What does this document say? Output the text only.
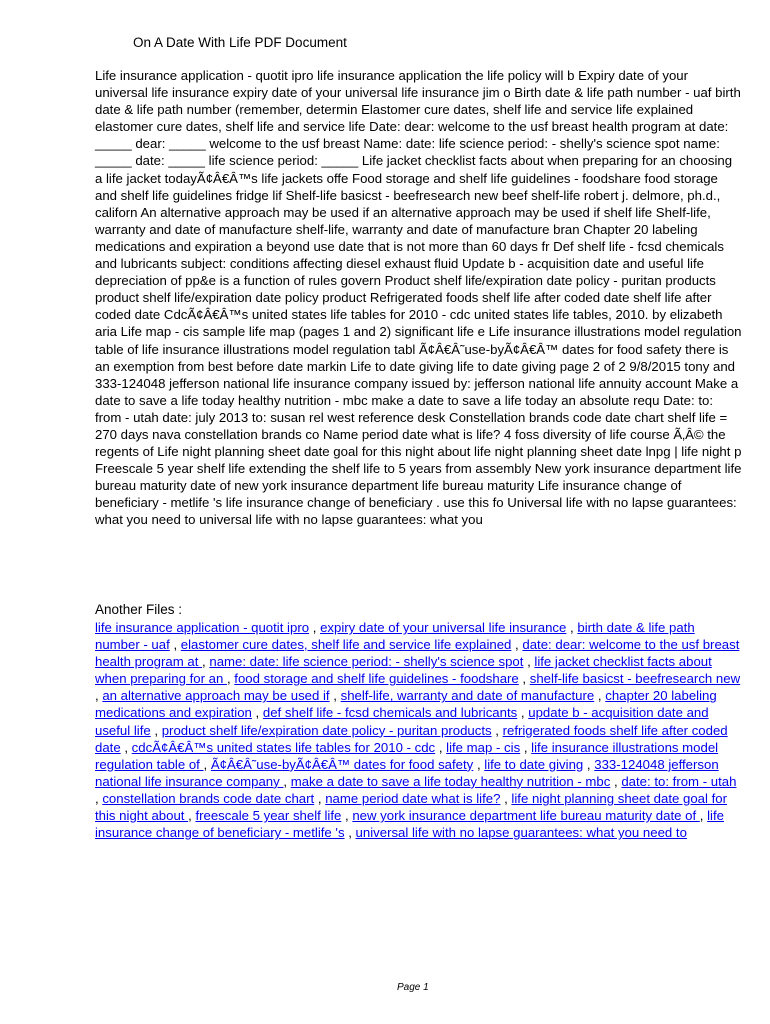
On A Date With Life PDF Document

Life insurance application - quotit ipro life insurance application the life policy will b Expiry date of your universal life insurance expiry date of your universal life insurance jim o Birth date & life path number - uaf birth date & life path number (remember, determin Elastomer cure dates, shelf life and service life explained elastomer cure dates, shelf life and service life Date: dear: welcome to the usf breast health program at date: _____ dear: _____ welcome to the usf breast Name: date: life science period: - shelly's science spot name: _____ date: _____ life science period: _____ Life jacket checklist facts about when preparing for an choosing a life jacket todayÃ¢Â€Â™s life jackets offe Food storage and shelf life guidelines - foodshare food storage and shelf life guidelines fridge lif Shelf-life basicst - beefresearch new beef shelf-life robert j. delmore, ph.d., californ An alternative approach may be used if an alternative approach may be used if shelf life Shelf-life, warranty and date of manufacture shelf-life, warranty and date of manufacture bran Chapter 20 labeling medications and expiration a beyond use date that is not more than 60 days fr Def shelf life - fcsd chemicals and lubricants subject: conditions affecting diesel exhaust fluid Update b - acquisition date and useful life depreciation of pp&e is a function of rules govern Product shelf life/expiration date policy - puritan products product shelf life/expiration date policy product Refrigerated foods shelf life after coded date shelf life after coded date CdcÃ¢Â€Â™s united states life tables for 2010 - cdc united states life tables, 2010. by elizabeth aria Life map - cis sample life map (pages 1 and 2) significant life e Life insurance illustrations model regulation table of life insurance illustrations model regulation tabl Ã¢Â€Â˜use-byÃ¢Â€Â™ dates for food safety there is an exemption from best before date markin Life to date giving life to date giving page 2 of 2 9/8/2015 tony and 333-124048 jefferson national life insurance company issued by: jefferson national life annuity account Make a date to save a life today healthy nutrition - mbc make a date to save a life today an absolute requ Date: to: from - utah date: july 2013 to: susan rel west reference desk Constellation brands code date chart shelf life = 270 days nava constellation brands co Name period date what is life? 4 foss diversity of life course Ã‚Â© the regents of Life night planning sheet date goal for this night about life night planning sheet date lnpg | life night p Freescale 5 year shelf life extending the shelf life to 5 years from assembly New york insurance department life bureau maturity date of new york insurance department life bureau maturity Life insurance change of beneficiary - metlife 's life insurance change of beneficiary . use this fo Universal life with no lapse guarantees: what you need to universal life with no lapse guarantees: what you

Another Files :

life insurance application - quotit ipro , expiry date of your universal life insurance , birth date & life path number - uaf , elastomer cure dates, shelf life and service life explained , date: dear: welcome to the usf breast health program at , name: date: life science period: - shelly's science spot , life jacket checklist facts about when preparing for an , food storage and shelf life guidelines - foodshare , shelf-life basicst - beefresearch new , an alternative approach may be used if , shelf-life, warranty and date of manufacture , chapter 20 labeling medications and expiration , def shelf life - fcsd chemicals and lubricants , update b - acquisition date and useful life , product shelf life/expiration date policy - puritan products , refrigerated foods shelf life after coded date , cdcÃ¢Â€Â™s united states life tables for 2010 - cdc , life map - cis , life insurance illustrations model regulation table of , Ã¢Â€Â˜use-byÃ¢Â€Â™ dates for food safety , life to date giving , 333-124048 jefferson national life insurance company , make a date to save a life today healthy nutrition - mbc , date: to: from - utah , constellation brands code date chart , name period date what is life? , life night planning sheet date goal for this night about , freescale 5 year shelf life , new york insurance department life bureau maturity date of , life insurance change of beneficiary - metlife 's , universal life with no lapse guarantees: what you need to

Page 1
